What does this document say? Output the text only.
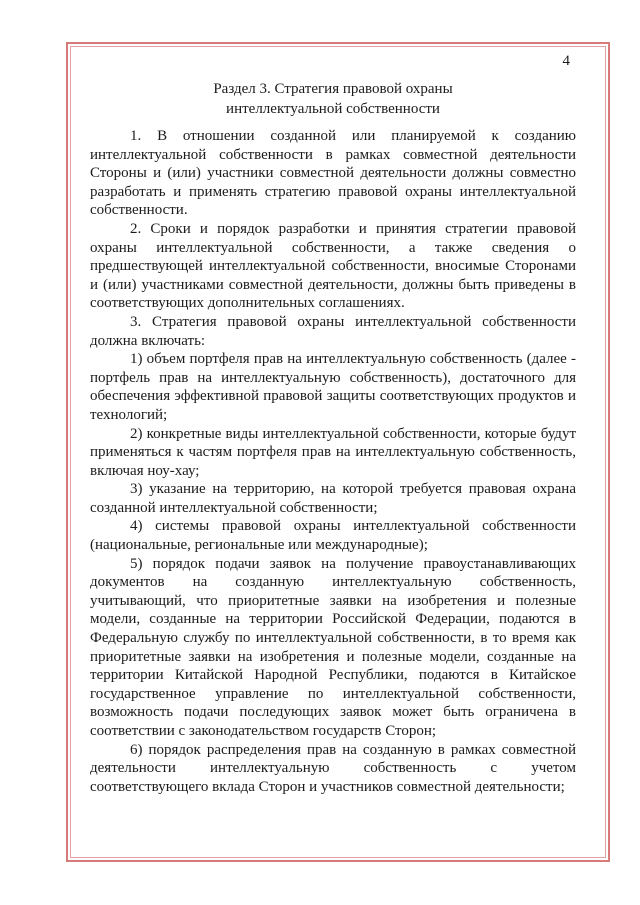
4
Раздел 3. Стратегия правовой охраны
интеллектуальной собственности

1. В отношении созданной или планируемой к созданию интеллектуальной собственности в рамках совместной деятельности Стороны и (или) участники совместной деятельности должны совместно разработать и применять стратегию правовой охраны интеллектуальной собственности.

2. Сроки и порядок разработки и принятия стратегии правовой охраны интеллектуальной собственности, а также сведения о предшествующей интеллектуальной собственности, вносимые Сторонами и (или) участниками совместной деятельности, должны быть приведены в соответствующих дополнительных соглашениях.

3. Стратегия правовой охраны интеллектуальной собственности должна включать:

1) объем портфеля прав на интеллектуальную собственность (далее - портфель прав на интеллектуальную собственность), достаточного для обеспечения эффективной правовой защиты соответствующих продуктов и технологий;

2) конкретные виды интеллектуальной собственности, которые будут применяться к частям портфеля прав на интеллектуальную собственность, включая ноу-хау;

3) указание на территорию, на которой требуется правовая охрана созданной интеллектуальной собственности;

4) системы правовой охраны интеллектуальной собственности (национальные, региональные или международные);

5) порядок подачи заявок на получение правоустанавливающих документов на созданную интеллектуальную собственность, учитывающий, что приоритетные заявки на изобретения и полезные модели, созданные на территории Российской Федерации, подаются в Федеральную службу по интеллектуальной собственности, в то время как приоритетные заявки на изобретения и полезные модели, созданные на территории Китайской Народной Республики, подаются в Китайское государственное управление по интеллектуальной собственности, возможность подачи последующих заявок может быть ограничена в соответствии с законодательством государств Сторон;

6) порядок распределения прав на созданную в рамках совместной деятельности интеллектуальную собственность с учетом соответствующего вклада Сторон и участников совместной деятельности;
